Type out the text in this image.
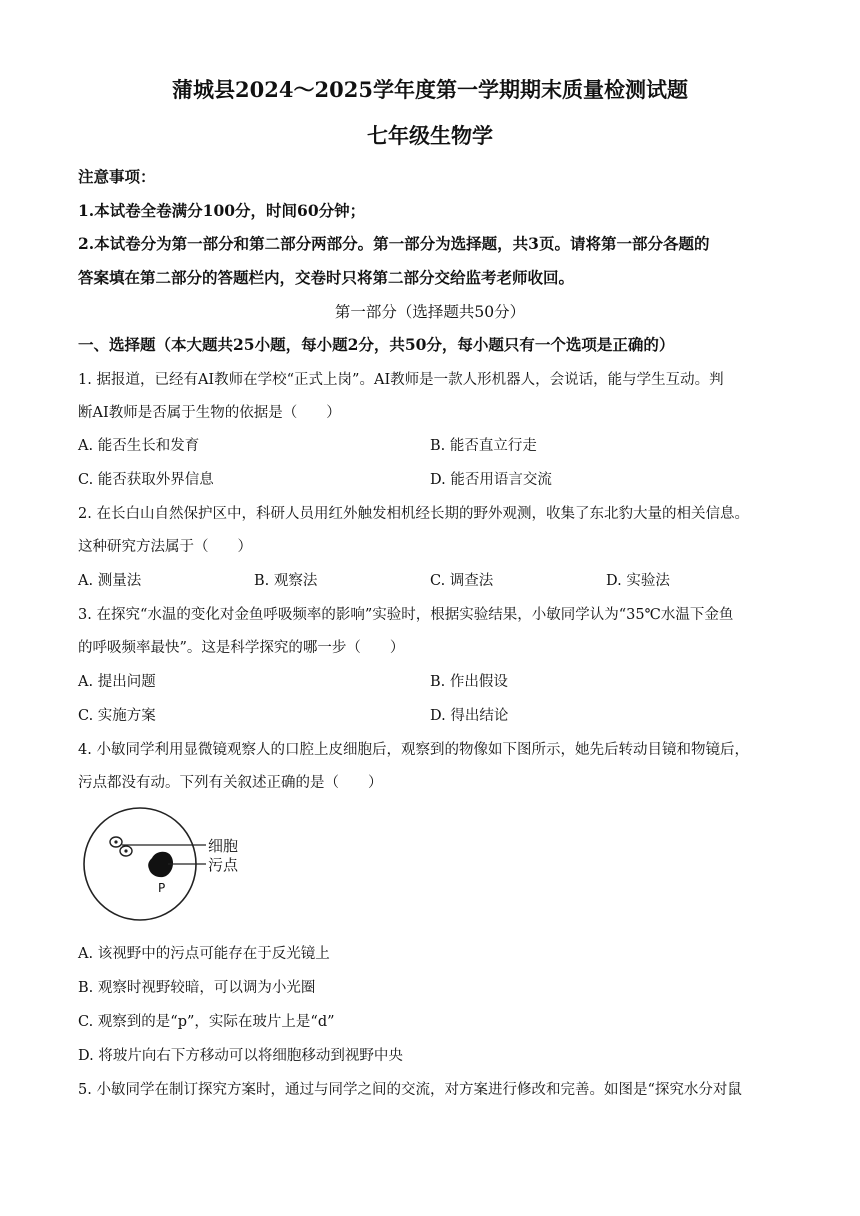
蒲城县2024～2025学年度第一学期期末质量检测试题
七年级生物学
注意事项：
1.本试卷全卷满分100分，时间60分钟；
2.本试卷分为第一部分和第二部分两部分。第一部分为选择题，共3页。请将第一部分各题的
答案填在第二部分的答题栏内，交卷时只将第二部分交给监考老师收回。
第一部分（选择题共50分）
一、选择题（本大题共25小题，每小题2分，共50分，每小题只有一个选项是正确的）
1. 据报道，已经有AI教师在学校“正式上岗”。AI教师是一款人形机器人，会说话，能与学生互动。判
断AI教师是否属于生物的依据是（　　）
A. 能否生长和发育	B. 能否直立行走
C. 能否获取外界信息	D. 能否用语言交流
2. 在长白山自然保护区中，科研人员用红外触发相机经长期的野外观测，收集了东北豹大量的相关信息。
这种研究方法属于（　　）
A. 测量法	B. 观察法	C. 调查法	D. 实验法
3. 在探究“水温的变化对金鱼呼吸频率的影响”实验时，根据实验结果，小敏同学认为“35℃水温下金鱼
的呼吸频率最快”。这是科学探究的哪一步（　　）
A. 提出问题	B. 作出假设
C. 实施方案	D. 得出结论
4. 小敏同学利用显微镜观察人的口腔上皮细胞后，观察到的物像如下图所示，她先后转动目镜和物镜后，
污点都没有动。下列有关叙述正确的是（　　）
细胞
污点
P
A. 该视野中的污点可能存在于反光镜上
B. 观察时视野较暗，可以调为小光圈
C. 观察到的是“p”，实际在玻片上是“d”
D. 将玻片向右下方移动可以将细胞移动到视野中央
5. 小敏同学在制订探究方案时，通过与同学之间的交流，对方案进行修改和完善。如图是“探究水分对鼠
